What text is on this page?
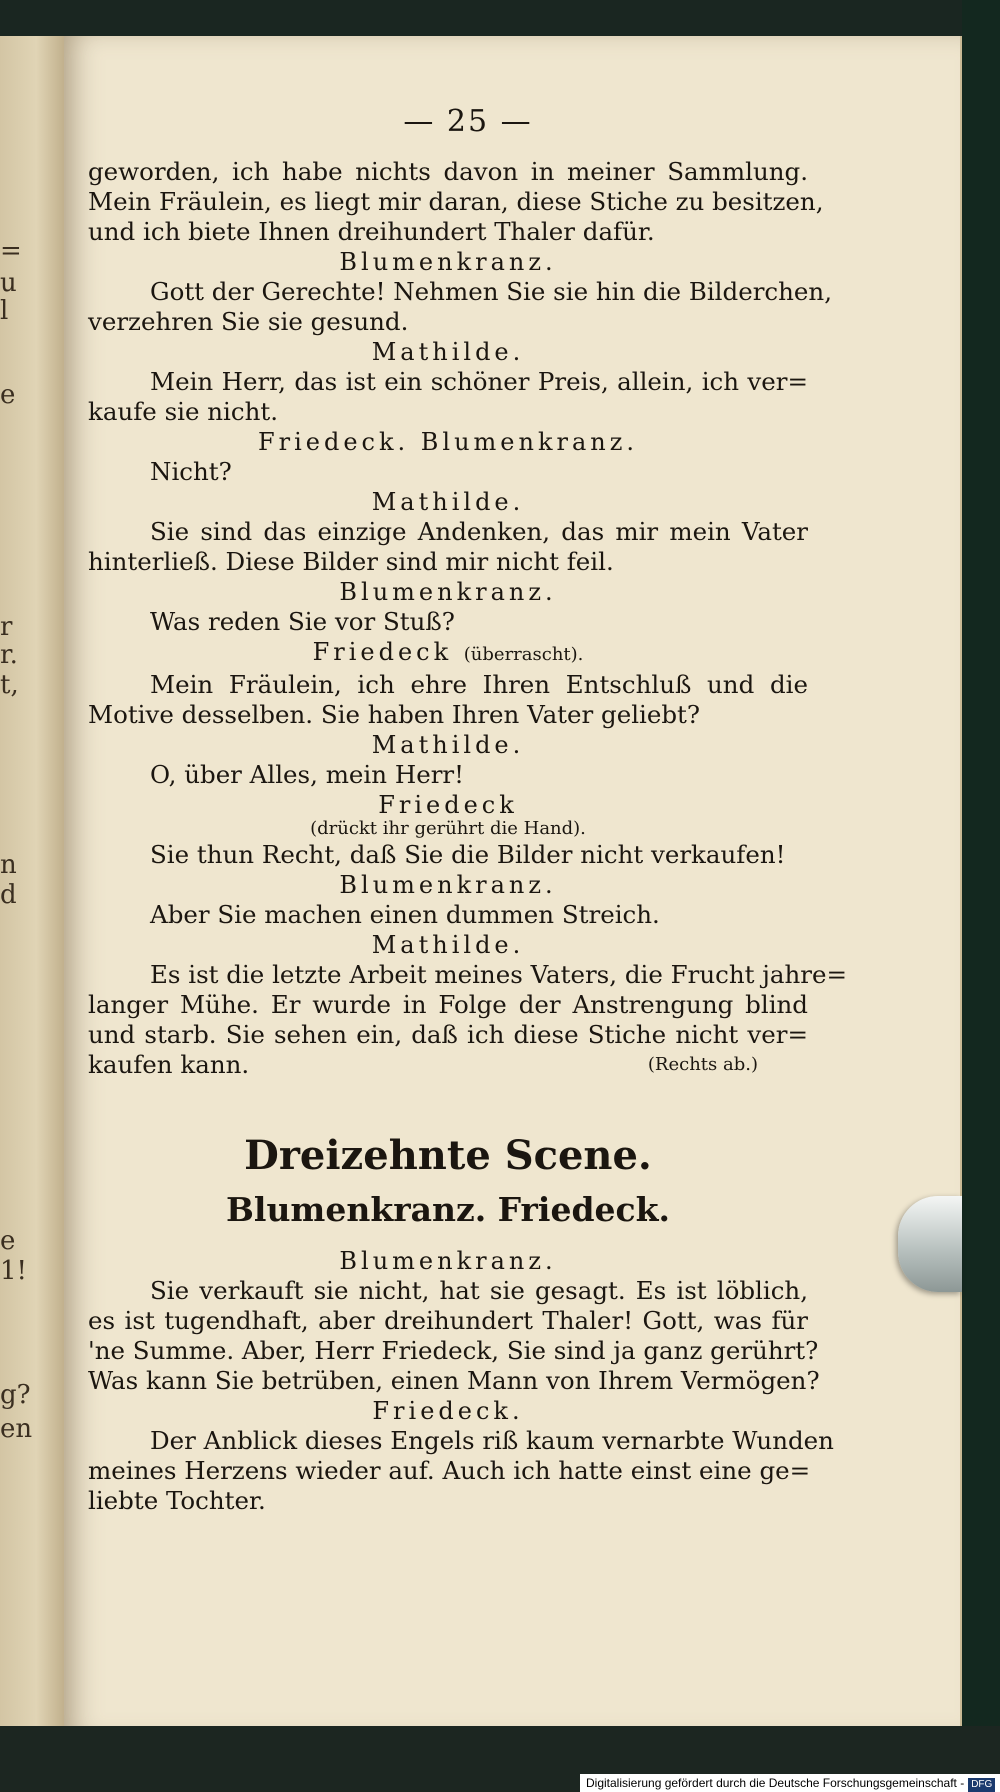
=
u
l
e
r
r.
t,
n
d
e
1!
g?
en
— 25 —
geworden, ich habe nichts davon in meiner Sammlung.
Mein Fräulein, es liegt mir daran, diese Stiche zu besitzen,
und ich biete Ihnen dreihundert Thaler dafür.
Blumenkranz.
Gott der Gerechte! Nehmen Sie sie hin die Bilderchen,
verzehren Sie sie gesund.
Mathilde.
Mein Herr, das ist ein schöner Preis, allein, ich ver=
kaufe sie nicht.
Friedeck. Blumenkranz.
Nicht?
Mathilde.
Sie sind das einzige Andenken, das mir mein Vater
hinterließ. Diese Bilder sind mir nicht feil.
Blumenkranz.
Was reden Sie vor Stuß?
Friedeck (überrascht).
Mein Fräulein, ich ehre Ihren Entschluß und die
Motive desselben. Sie haben Ihren Vater geliebt?
Mathilde.
O, über Alles, mein Herr!
Friedeck
(drückt ihr gerührt die Hand).
Sie thun Recht, daß Sie die Bilder nicht verkaufen!
Blumenkranz.
Aber Sie machen einen dummen Streich.
Mathilde.
Es ist die letzte Arbeit meines Vaters, die Frucht jahre=
langer Mühe. Er wurde in Folge der Anstrengung blind
und starb. Sie sehen ein, daß ich diese Stiche nicht ver=
kaufen kann.	(Rechts ab.)
Dreizehnte Scene.
Blumenkranz. Friedeck.
Blumenkranz.
Sie verkauft sie nicht, hat sie gesagt. Es ist löblich,
es ist tugendhaft, aber dreihundert Thaler! Gott, was für
'ne Summe. Aber, Herr Friedeck, Sie sind ja ganz gerührt?
Was kann Sie betrüben, einen Mann von Ihrem Vermögen?
Friedeck.
Der Anblick dieses Engels riß kaum vernarbte Wunden
meines Herzens wieder auf. Auch ich hatte einst eine ge=
liebte Tochter.
Digitalisierung gefördert durch die Deutsche Forschungsgemeinschaft - DFG
